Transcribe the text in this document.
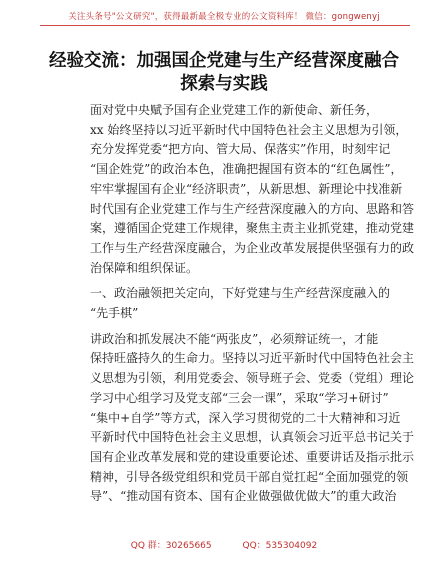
关注头条号"公文研究"，获得最新最全极专业的公文资料库！ 微信：gongwenyj
经验交流：加强国企党建与生产经营深度融合
探索与实践

面对党中央赋予国有企业党建工作的新使命、新任务，
xx 始终坚持以习近平新时代中国特色社会主义思想为引领，
充分发挥党委“把方向、管大局、保落实”作用，时刻牢记
“国企姓党”的政治本色，准确把握国有资本的“红色属性”，
牢牢掌握国有企业“经济职责”，从新思想、新理论中找准新
时代国有企业党建工作与生产经营深度融入的方向、思路和答
案，遵循国企党建工作规律，聚焦主责主业抓党建，推动党建
工作与生产经营深度融合，为企业改革发展提供坚强有力的政
治保障和组织保证。

一、政治融领把关定向，下好党建与生产经营深度融入的
“先手棋”

讲政治和抓发展决不能“两张皮”，必须辩证统一，才能
保持旺盛持久的生命力。坚持以习近平新时代中国特色社会主
义思想为引领，利用党委会、领导班子会、党委（党组）理论
学习中心组学习及党支部“三会一课”，采取“学习+研讨”
“集中+自学”等方式，深入学习贯彻党的二十大精神和习近
平新时代中国特色社会主义思想，认真领会习近平总书记关于
国有企业改革发展和党的建设重要论述、重要讲话及指示批示
精神，引导各级党组织和党员干部自觉扛起“全面加强党的领
导”、“推动国有资本、国有企业做强做优做大”的重大政治

QQ 群：30265665	QQ：535304092
